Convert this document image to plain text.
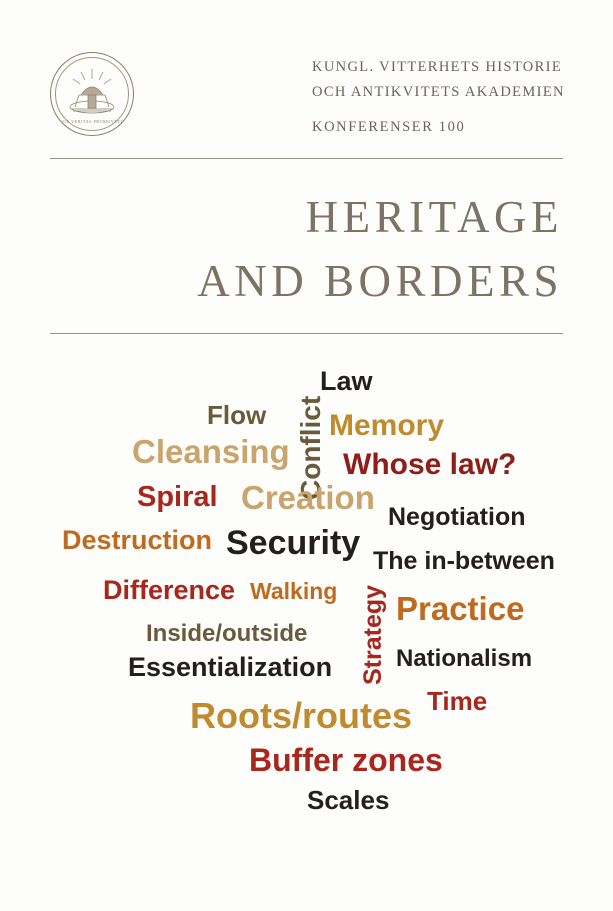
LUCE VERITAS PROMOVETUR
KUNGL. VITTERHETS HISTORIE
OCH ANTIKVITETS AKADEMIEN
KONFERENSER 100
HERITAGE
AND BORDERS
Law
Flow Memory
Conflict
Cleansing Whose law?
Spiral Creation
Negotiation
Destruction Security The in-between
Difference Walking Strategy Practice
Inside/outside
Essentialization	Nationalism
Time
Roots/routes
Buffer zones
Scales
